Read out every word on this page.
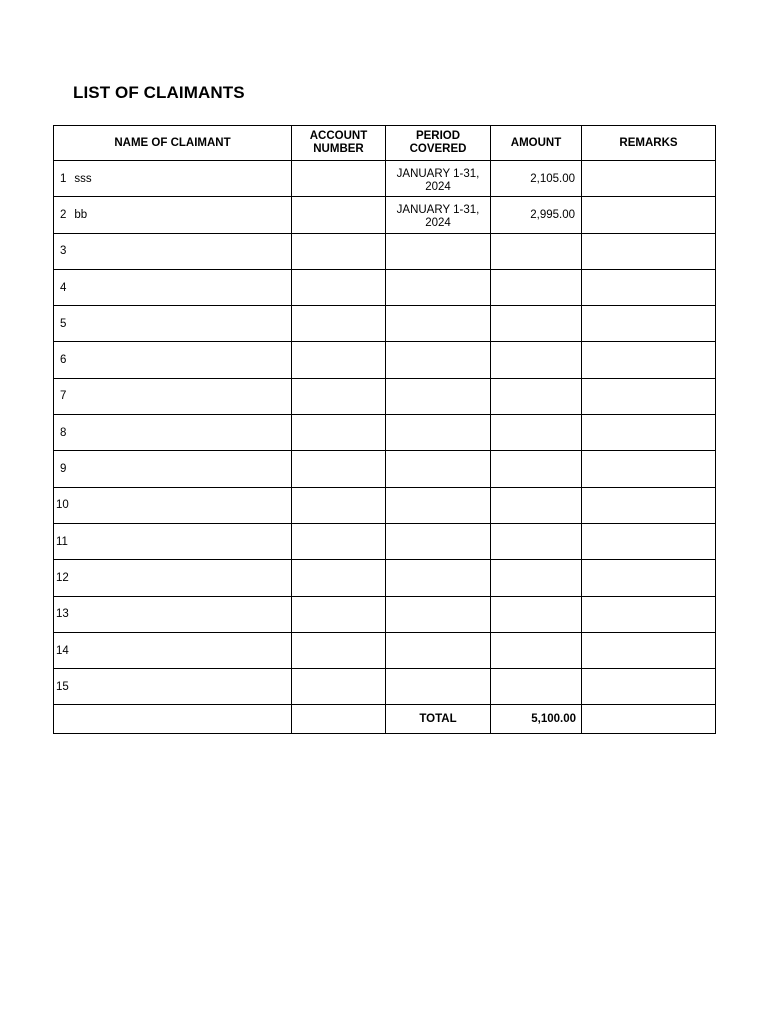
LIST OF CLAIMANTS
NAME OF CLAIMANT	ACCOUNT NUMBER	PERIOD COVERED	AMOUNT	REMARKS
1 sss		JANUARY 1-31, 2024	2,105.00	
2 bb		JANUARY 1-31, 2024	2,995.00	
3		

4		

5		

6		

7		

8		

9		

10		

11		

12		

13		

14		

15		

		TOTAL	5,100.00	
